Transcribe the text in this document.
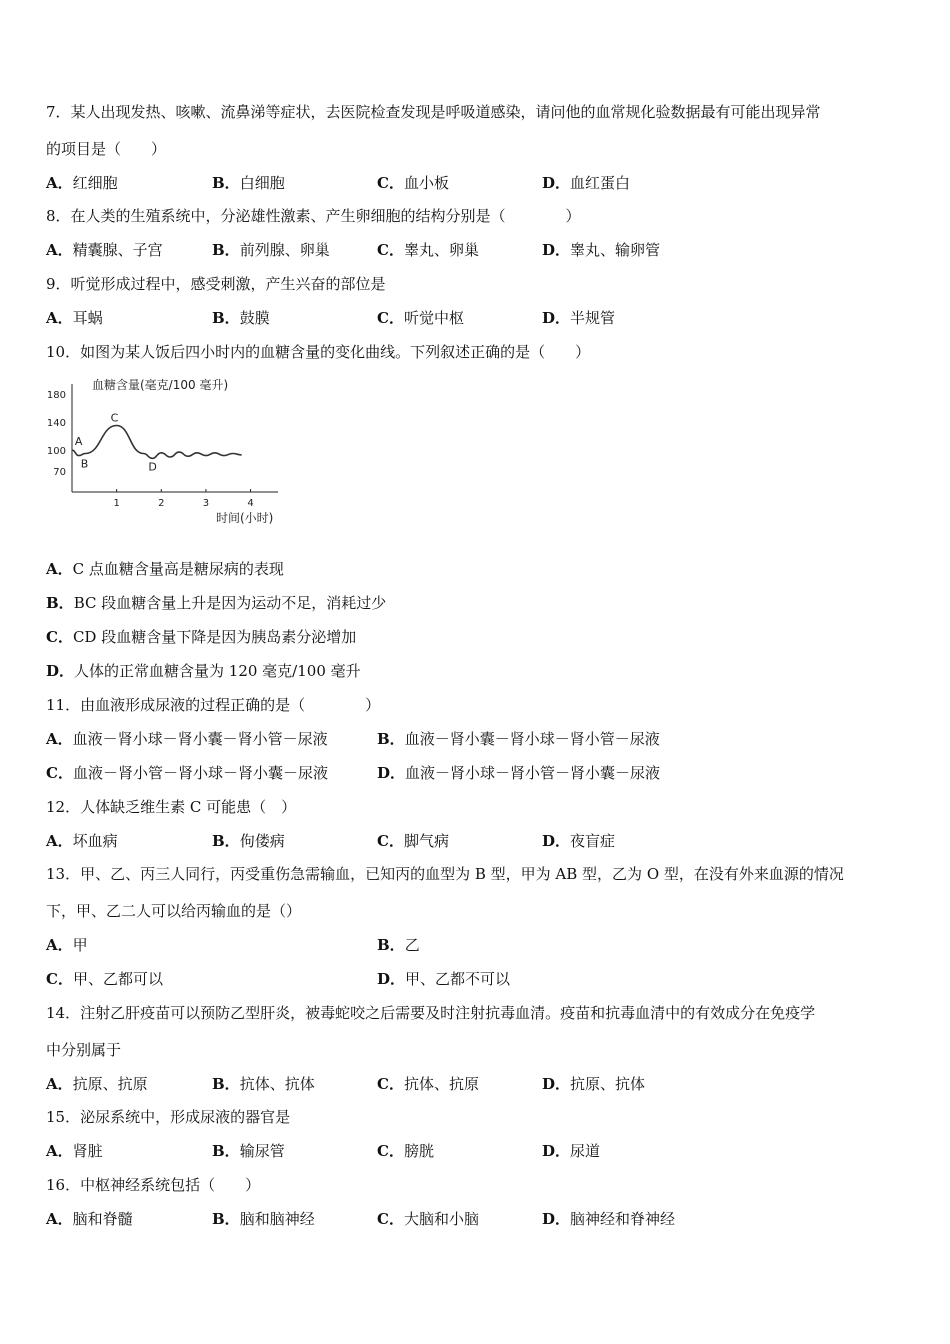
7．某人出现发热、咳嗽、流鼻涕等症状，去医院检查发现是呼吸道感染，请问他的血常规化验数据最有可能出现异常
的项目是（　　）
A．红细胞	B．白细胞	C．血小板	D．血红蛋白
8．在人类的生殖系统中，分泌雄性激素、产生卵细胞的结构分别是（　　　　）
A．精囊腺、子宫	B．前列腺、卵巢	C．睾丸、卵巢	D．睾丸、输卵管
9．听觉形成过程中，感受刺激，产生兴奋的部位是
A．耳蜗	B．鼓膜	C．听觉中枢	D．半规管
10．如图为某人饭后四小时内的血糖含量的变化曲线。下列叙述正确的是（　　）
血糖含量(毫克/100 毫升)
时间(小时)
180
140
100
70
1	2	3	4
A
B
C
D
A．C 点血糖含量高是糖尿病的表现
B．BC 段血糖含量上升是因为运动不足，消耗过少
C．CD 段血糖含量下降是因为胰岛素分泌增加
D．人体的正常血糖含量为 120 毫克/100 毫升
11．由血液形成尿液的过程正确的是（　　　　）
A．血液－肾小球－肾小囊－肾小管－尿液	B．血液－肾小囊－肾小球－肾小管－尿液
C．血液－肾小管－肾小球－肾小囊－尿液	D．血液－肾小球－肾小管－肾小囊－尿液
12．人体缺乏维生素 C 可能患（　）
A．坏血病	B．佝偻病	C．脚气病	D．夜盲症
13．甲、乙、丙三人同行，丙受重伤急需输血，已知丙的血型为 B 型，甲为 AB 型，乙为 O 型，在没有外来血源的情况
下，甲、乙二人可以给丙输血的是（）
A．甲	B．乙
C．甲、乙都可以	D．甲、乙都不可以
14．注射乙肝疫苗可以预防乙型肝炎，被毒蛇咬之后需要及时注射抗毒血清。疫苗和抗毒血清中的有效成分在免疫学
中分别属于
A．抗原、抗原	B．抗体、抗体	C．抗体、抗原	D．抗原、抗体
15．泌尿系统中，形成尿液的器官是
A．肾脏	B．输尿管	C．膀胱	D．尿道
16．中枢神经系统包括（　　）
A．脑和脊髓	B．脑和脑神经	C．大脑和小脑	D．脑神经和脊神经
